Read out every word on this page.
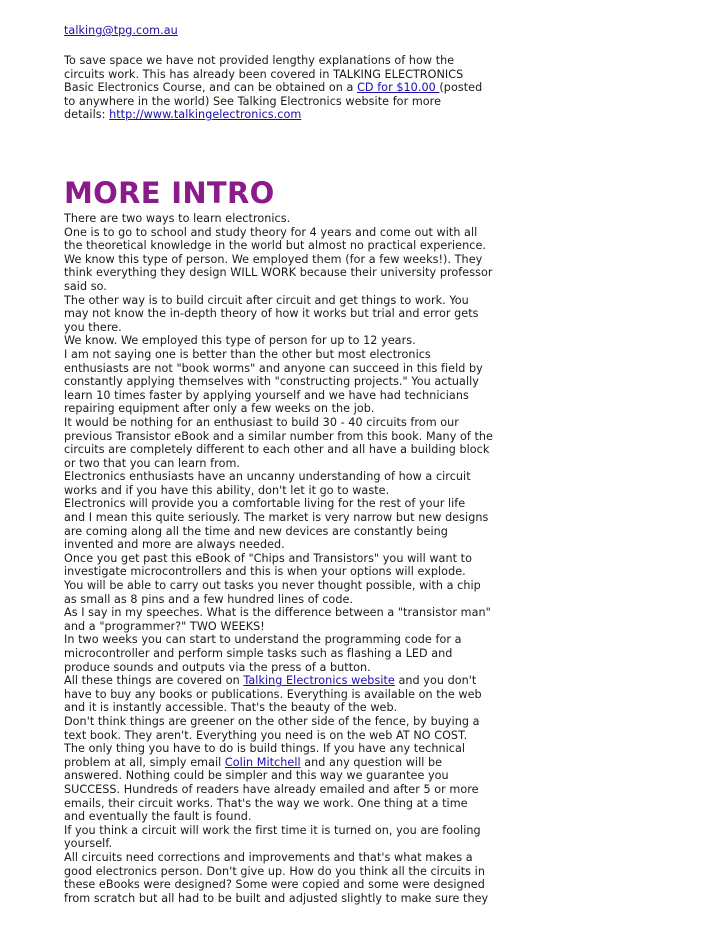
talking@tpg.com.au
To save space we have not provided lengthy explanations of how the circuits work. This has already been covered in TALKING ELECTRONICS Basic Electronics Course, and can be obtained on a CD for $10.00 (posted to anywhere in the world) See Talking Electronics website for more details: http://www.talkingelectronics.com
MORE INTRO
There are two ways to learn electronics.
One is to go to school and study theory for 4 years and come out with all
the theoretical knowledge in the world but almost no practical experience.
We know this type of person. We employed them (for a few weeks!). They
think everything they design WILL WORK because their university professor
said so.
The other way is to build circuit after circuit and get things to work. You
may not know the in-depth theory of how it works but trial and error gets
you there.
We know. We employed this type of person for up to 12 years.
I am not saying one is better than the other but most electronics
enthusiasts are not "book worms" and anyone can succeed in this field by
constantly applying themselves with "constructing projects." You actually
learn 10 times faster by applying yourself and we have had technicians
repairing equipment after only a few weeks on the job.
It would be nothing for an enthusiast to build 30 - 40 circuits from our
previous Transistor eBook and a similar number from this book. Many of the
circuits are completely different to each other and all have a building block
or two that you can learn from.
Electronics enthusiasts have an uncanny understanding of how a circuit
works and if you have this ability, don't let it go to waste.
Electronics will provide you a comfortable living for the rest of your life
and I mean this quite seriously. The market is very narrow but new designs
are coming along all the time and new devices are constantly being
invented and more are always needed.
Once you get past this eBook of "Chips and Transistors" you will want to
investigate microcontrollers and this is when your options will explode.
You will be able to carry out tasks you never thought possible, with a chip
as small as 8 pins and a few hundred lines of code.
As I say in my speeches. What is the difference between a "transistor man"
and a "programmer?" TWO WEEKS!
In two weeks you can start to understand the programming code for a
microcontroller and perform simple tasks such as flashing a LED and
produce sounds and outputs via the press of a button.
All these things are covered on Talking Electronics website and you don't
have to buy any books or publications. Everything is available on the web
and it is instantly accessible. That's the beauty of the web.
Don't think things are greener on the other side of the fence, by buying a
text book. They aren't. Everything you need is on the web AT NO COST.
The only thing you have to do is build things. If you have any technical
problem at all, simply email Colin Mitchell and any question will be
answered. Nothing could be simpler and this way we guarantee you
SUCCESS. Hundreds of readers have already emailed and after 5 or more
emails, their circuit works. That's the way we work. One thing at a time
and eventually the fault is found.
If you think a circuit will work the first time it is turned on, you are fooling
yourself.
All circuits need corrections and improvements and that's what makes a
good electronics person. Don't give up. How do you think all the circuits in
these eBooks were designed? Some were copied and some were designed
from scratch but all had to be built and adjusted slightly to make sure they
